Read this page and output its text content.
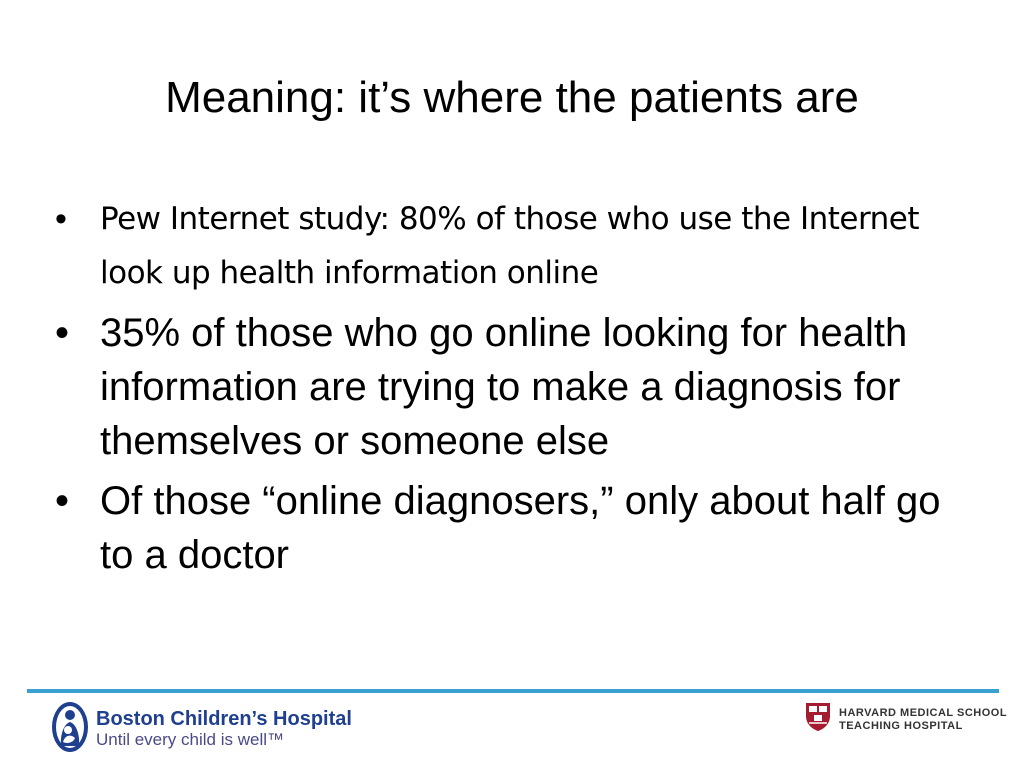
Meaning: it’s where the patients are
• Pew Internet study: 80% of those who use the Internet look up health information online
• 35% of those who go online looking for health information are trying to make a diagnosis for themselves or someone else
• Of those “online diagnosers,” only about half go to a doctor
Boston Children’s Hospital
Until every child is well™
HARVARD MEDICAL SCHOOL
TEACHING HOSPITAL
